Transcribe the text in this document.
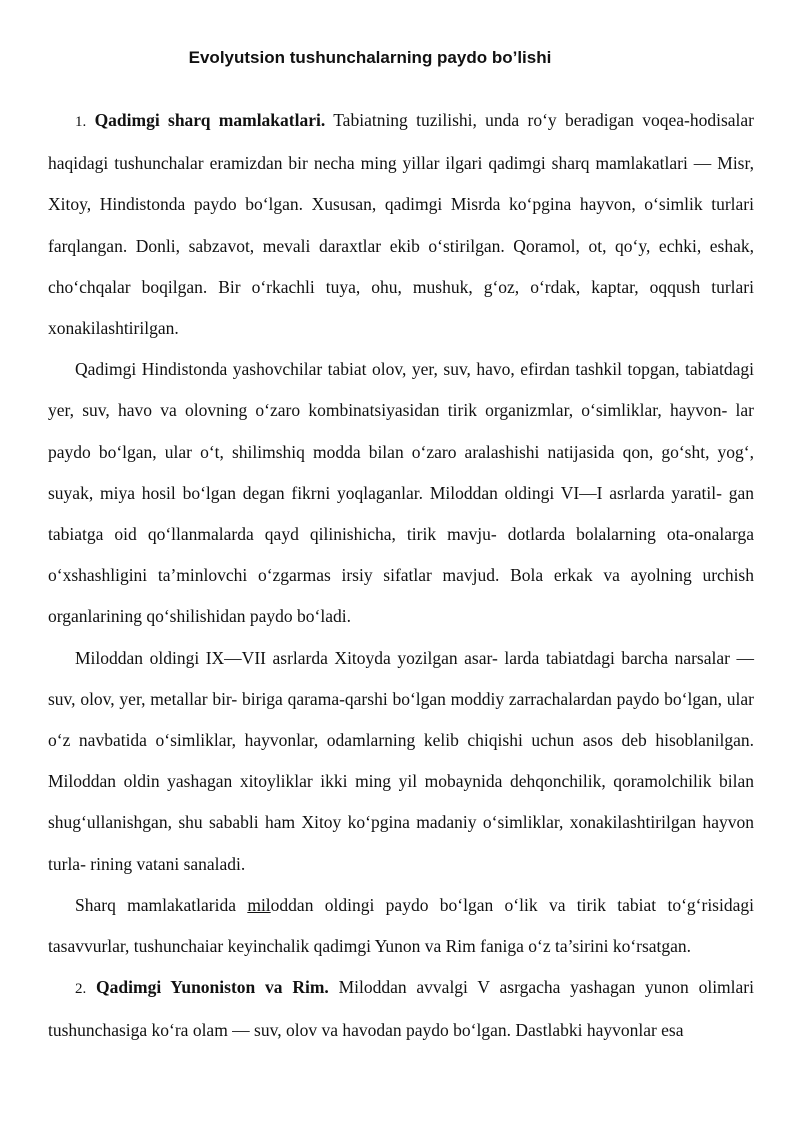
Evolyutsion tushunchalarning paydo bo’lishi

1. Qadimgi sharq mamlakatlari. Tabiatning tuzilishi, unda ro‘y beradigan voqea-hodisalar haqidagi tushunchalar eramizdan bir necha ming yillar ilgari qadimgi sharq mamlakatlari — Misr, Xitoy, Hindistonda paydo bo‘lgan. Xususan, qadimgi Misrda ko‘pgina hayvon, o‘simlik turlari farqlangan. Donli, sabzavot, mevali daraxtlar ekib o‘stirilgan. Qoramol, ot, qo‘y, echki, eshak, cho‘chqalar boqilgan. Bir o‘rkachli tuya, ohu, mushuk, g‘oz, o‘rdak, kaptar, oqqush turlari xonakilashtirilgan.

Qadimgi Hindistonda yashovchilar tabiat olov, yer, suv, havo, efirdan tashkil topgan, tabiatdagi yer, suv, havo va olovning o‘zaro kombinatsiyasidan tirik organizmlar, o‘simliklar, hayvon- lar paydo bo‘lgan, ular o‘t, shilimshiq modda bilan o‘zaro aralashishi natijasida qon, go‘sht, yog‘, suyak, miya hosil bo‘lgan degan fikrni yoqlaganlar. Miloddan oldingi VI—I asrlarda yaratil- gan tabiatga oid qo‘llanmalarda qayd qilinishicha, tirik mavju- dotlarda bolalarning ota-onalarga o‘xshashligini ta’minlovchi o‘zgarmas irsiy sifatlar mavjud. Bola erkak va ayolning urchish organlarining qo‘shilishidan paydo bo‘ladi.

Miloddan oldingi IX—VII asrlarda Xitoyda yozilgan asar- larda tabiatdagi barcha narsalar — suv, olov, yer, metallar bir- biriga qarama-qarshi bo‘lgan moddiy zarrachalardan paydo bo‘lgan, ular o‘z navbatida o‘simliklar, hayvonlar, odamlarning kelib chiqishi uchun asos deb hisoblanilgan. Miloddan oldin yashagan xitoyliklar ikki ming yil mobaynida dehqonchilik, qoramolchilik bilan shug‘ullanishgan, shu sababli ham Xitoy ko‘pgina madaniy o‘simliklar, xonakilashtirilgan hayvon turla- rining vatani sanaladi.

Sharq mamlakatlarida miloddan oldingi paydo bo‘lgan o‘lik va tirik tabiat to‘g‘risidagi tasavvurlar, tushunchaiar keyinchalik qadimgi Yunon va Rim faniga o‘z ta’sirini ko‘rsatgan.

2. Qadimgi Yunoniston va Rim. Miloddan avvalgi V asrgacha yashagan yunon olimlari tushunchasiga ko‘ra olam — suv, olov va havodan paydo bo‘lgan. Dastlabki hayvonlar esa
